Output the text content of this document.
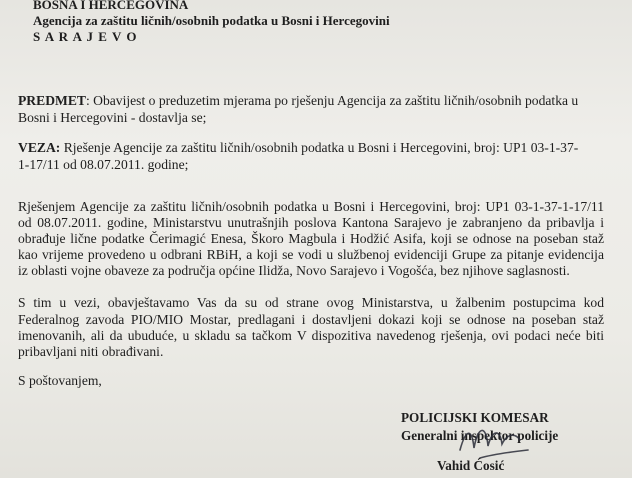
BOSNA I HERCEGOVINA
Agencija za zaštitu ličnih/osobnih podatka u Bosni i Hercegovini
S A R A J E V O
PREDMET: Obavijest o preduzetim mjerama po rješenju Agencija za zaštitu ličnih/osobnih podatka u
Bosni i Hercegovini - dostavlja se;
VEZA: Rješenje Agencije za zaštitu ličnih/osobnih podatka u Bosni i Hercegovini, broj: UP1 03-1-37-
1-17/11 od 08.07.2011. godine;
Rješenjem Agencije za zaštitu ličnih/osobnih podatka u Bosni i Hercegovini, broj: UP1 03-1-37-1-17/11
od 08.07.2011. godine, Ministarstvu unutrašnjih poslova Kantona Sarajevo je zabranjeno da pribavlja i
obrađuje lične podatke Čerimagić Enesa, Škoro Magbula i Hodžić Asifa, koji se odnose na poseban staž
kao vrijeme provedeno u odbrani RBiH, a koji se vodi u službenoj evidenciji Grupe za pitanje evidencija
iz oblasti vojne obaveze za područja općine Ilidža, Novo Sarajevo i Vogošća, bez njihove saglasnosti.
S tim u vezi, obavještavamo Vas da su od strane ovog Ministarstva, u žalbenim postupcima kod
Federalnog zavoda PIO/MIO Mostar, predlagani i dostavljeni dokazi koji se odnose na poseban staž
imenovanih, ali da ubuduće, u skladu sa tačkom V dispozitiva navedenog rješenja, ovi podaci neće biti
pribavljani niti obrađivani.
S poštovanjem,
POLICIJSKI KOMESAR
Generalni inspektor policije
Vahid Ćosić
